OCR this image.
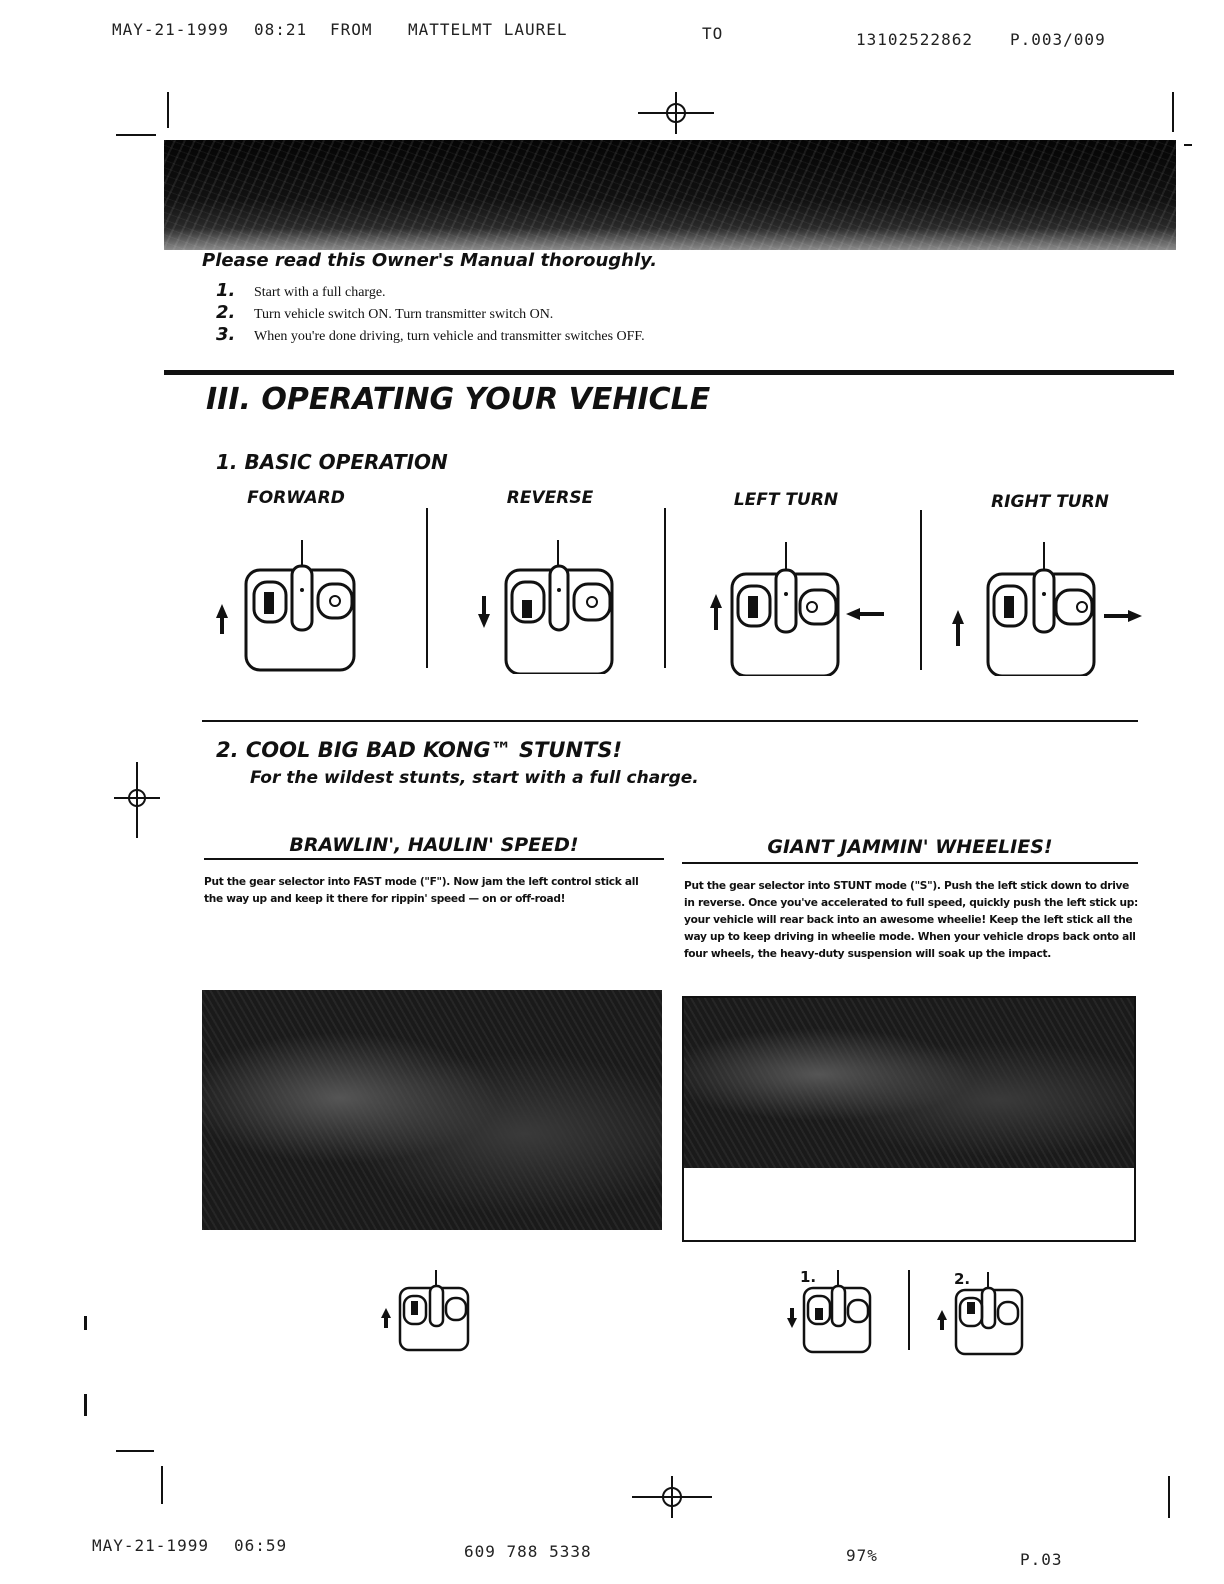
MAY-21-1999 08:21 FROM MATTELMT LAUREL	TO	13102522862 P.003/009
Please read this Owner's Manual thoroughly.
1. Start with a full charge.
2. Turn vehicle switch ON. Turn transmitter switch ON.
3. When you're done driving, turn vehicle and transmitter switches OFF.
III. OPERATING YOUR VEHICLE
1. BASIC OPERATION
FORWARD	REVERSE	LEFT TURN	RIGHT TURN
2. COOL BIG BAD KONG™ STUNTS!
For the wildest stunts, start with a full charge.
BRAWLIN', HAULIN' SPEED!	GIANT JAMMIN' WHEELIES!
Put the gear selector into FAST mode ("F"). Now jam the left control stick all the way up and keep it there for rippin' speed — on or off-road!
Put the gear selector into STUNT mode ("S"). Push the left stick down to drive in reverse. Once you've accelerated to full speed, quickly push the left stick up: your vehicle will rear back into an awesome wheelie! Keep the left stick all the way up to keep driving in wheelie mode. When your vehicle drops back onto all four wheels, the heavy-duty suspension will soak up the impact.
1.	2.
MAY-21-1999 06:59	609 788 5338	97%	P.03
